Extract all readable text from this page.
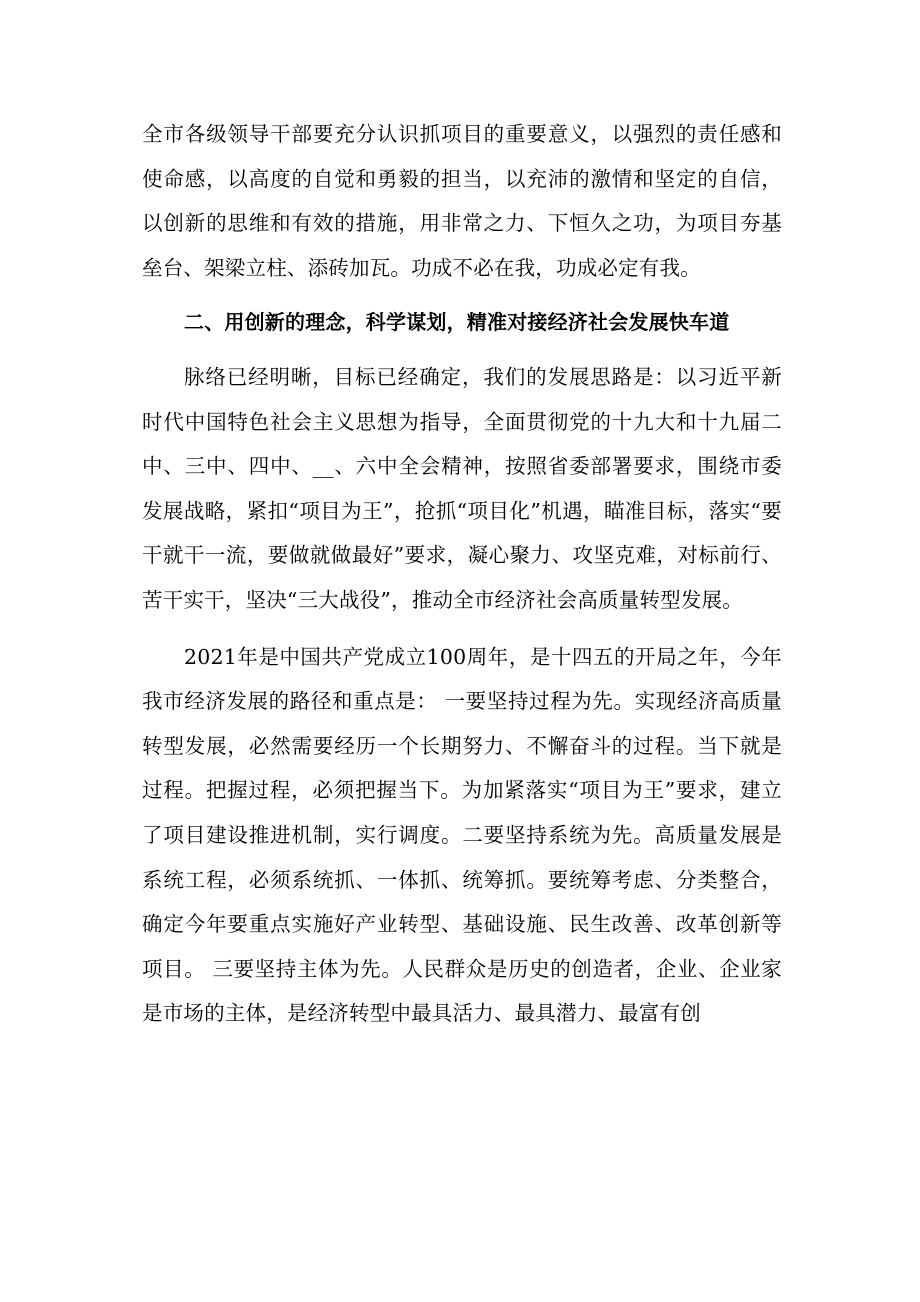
全市各级领导干部要充分认识抓项目的重要意义，以强烈的责任感和使命感，以高度的自觉和勇毅的担当，以充沛的激情和坚定的自信，以创新的思维和有效的措施，用非常之力、下恒久之功，为项目夯基垒台、架梁立柱、添砖加瓦。功成不必在我，功成必定有我。

二、用创新的理念，科学谋划，精准对接经济社会发展快车道

脉络已经明晰，目标已经确定，我们的发展思路是：以习近平新时代中国特色社会主义思想为指导，全面贯彻党的十九大和十九届二中、三中、四中、__、六中全会精神，按照省委部署要求，围绕市委发展战略，紧扣“项目为王”，抢抓“项目化”机遇，瞄准目标，落实“要干就干一流，要做就做最好”要求，凝心聚力、攻坚克难，对标前行、苦干实干，坚决“三大战役”，推动全市经济社会高质量转型发展。

2021年是中国共产党成立100周年，是十四五的开局之年，今年我市经济发展的路径和重点是： 一要坚持过程为先。实现经济高质量转型发展，必然需要经历一个长期努力、不懈奋斗的过程。当下就是过程。把握过程，必须把握当下。为加紧落实“项目为王”要求，建立了项目建设推进机制，实行调度。二要坚持系统为先。高质量发展是系统工程，必须系统抓、一体抓、统筹抓。要统筹考虑、分类整合，确定今年要重点实施好产业转型、基础设施、民生改善、改革创新等项目。 三要坚持主体为先。人民群众是历史的创造者，企业、企业家是市场的主体，是经济转型中最具活力、最具潜力、最富有创
